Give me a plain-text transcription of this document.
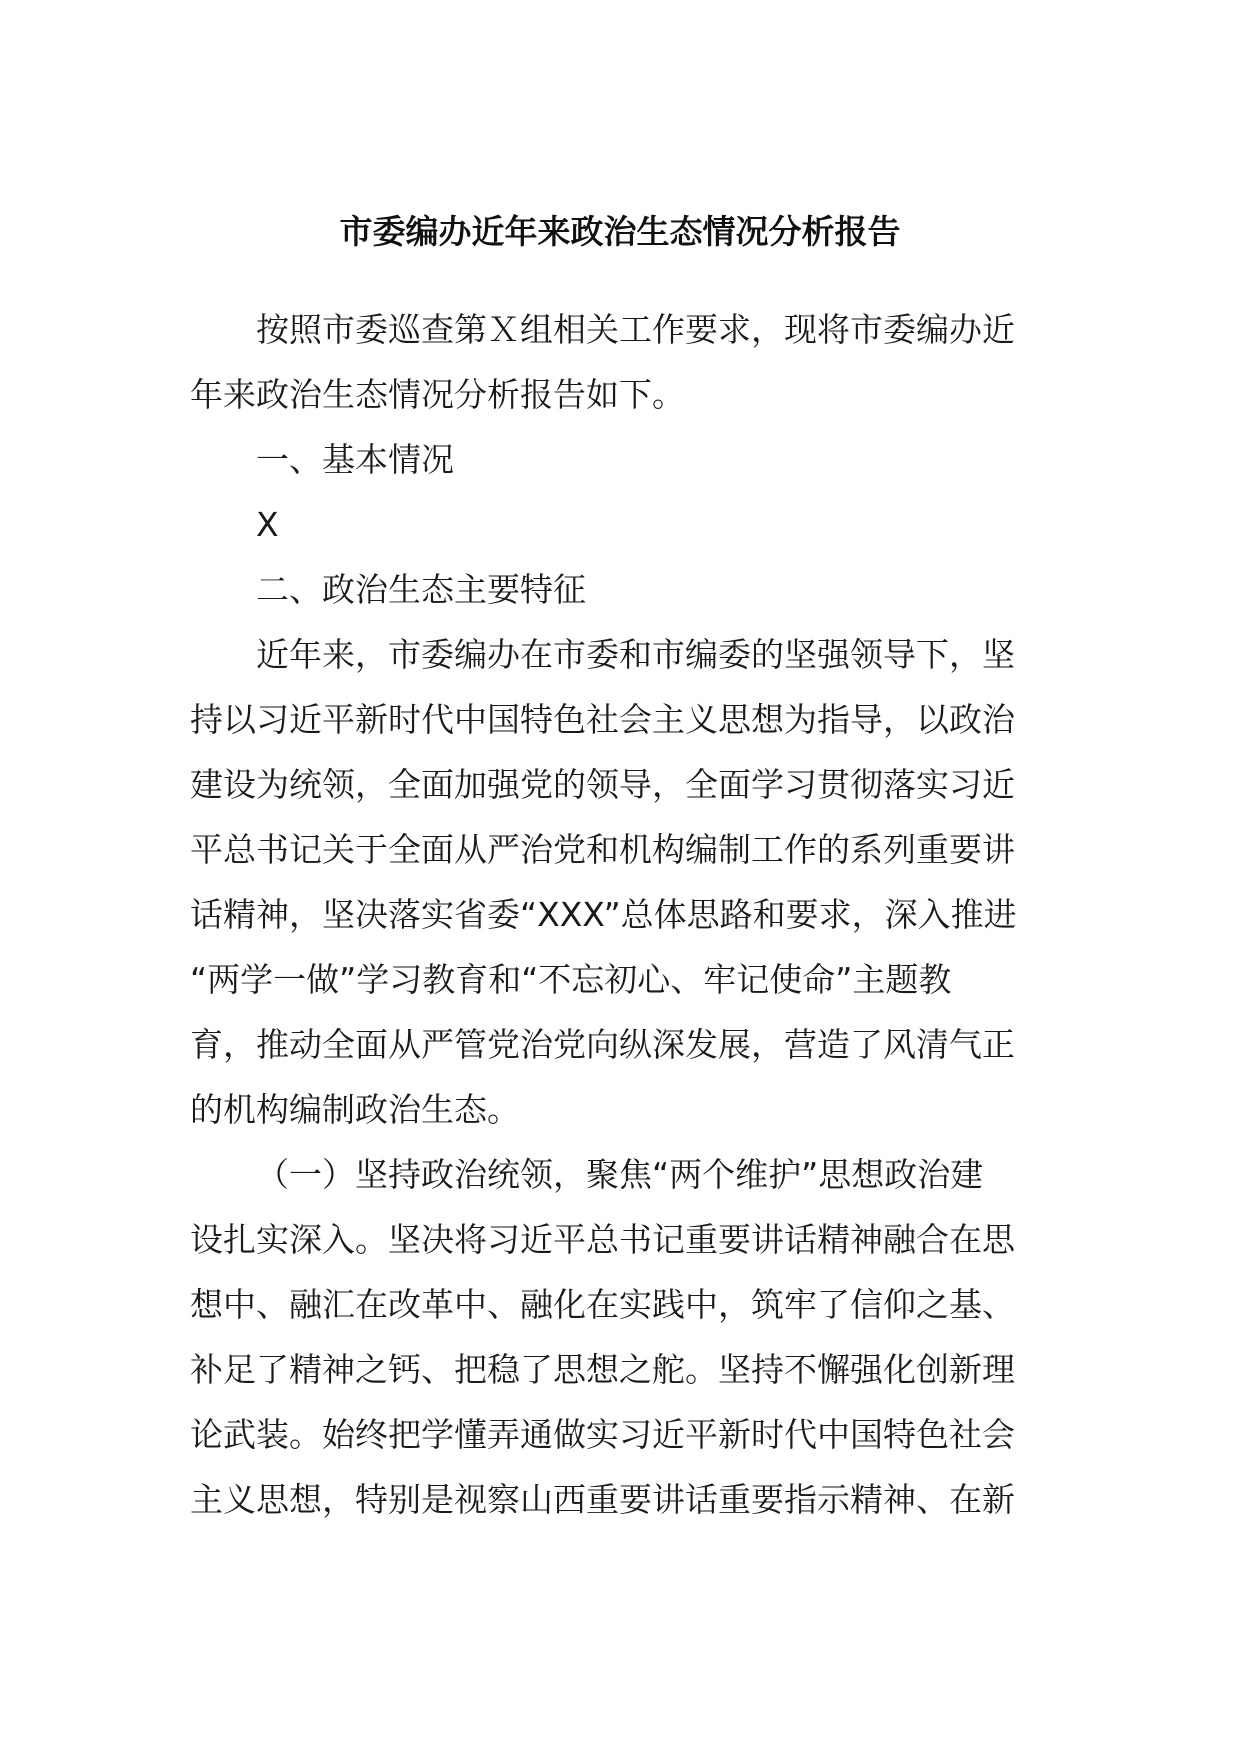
市委编办近年来政治生态情况分析报告
按照市委巡查第Ｘ组相关工作要求，现将市委编办近
年来政治生态情况分析报告如下。
一、基本情况
X
二、政治生态主要特征
近年来，市委编办在市委和市编委的坚强领导下，坚
持以习近平新时代中国特色社会主义思想为指导，以政治
建设为统领，全面加强党的领导，全面学习贯彻落实习近
平总书记关于全面从严治党和机构编制工作的系列重要讲
话精神，坚决落实省委“XXX”总体思路和要求，深入推进
“两学一做”学习教育和“不忘初心、牢记使命”主题教
育，推动全面从严管党治党向纵深发展，营造了风清气正
的机构编制政治生态。
（一）坚持政治统领，聚焦“两个维护”思想政治建
设扎实深入。坚决将习近平总书记重要讲话精神融合在思
想中、融汇在改革中、融化在实践中，筑牢了信仰之基、
补足了精神之钙、把稳了思想之舵。坚持不懈强化创新理
论武装。始终把学懂弄通做实习近平新时代中国特色社会
主义思想，特别是视察山西重要讲话重要指示精神、在新
